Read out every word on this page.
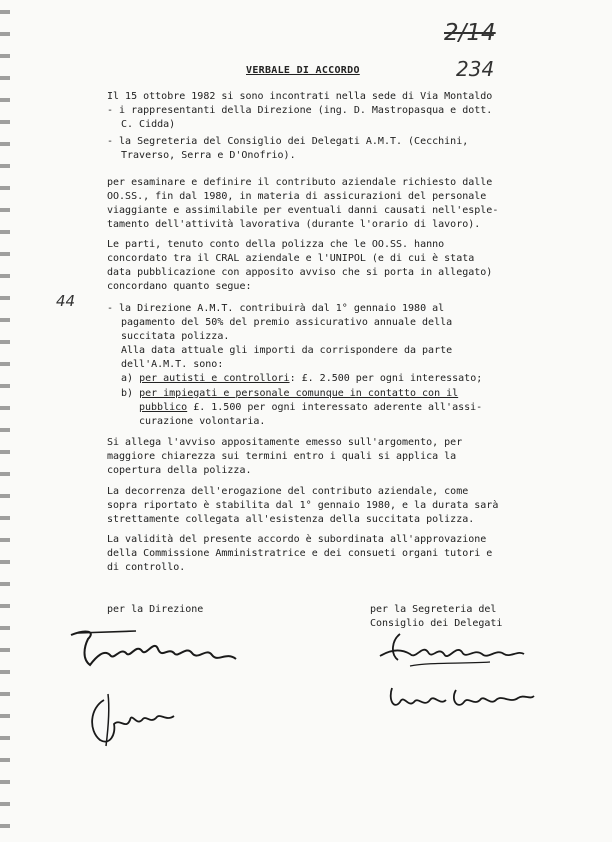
2/14
234
44
VERBALE DI ACCORDO
Il 15 ottobre 1982 si sono incontrati nella sede di Via Montaldo
- i rappresentanti della Direzione (ing. D. Mastropasqua e dott.
C. Cidda)
- la Segreteria del Consiglio dei Delegati A.M.T. (Cecchini,
Traverso, Serra e D'Onofrio).
per esaminare e definire il contributo aziendale richiesto dalle
OO.SS., fin dal 1980, in materia di assicurazioni del personale
viaggiante e assimilabile per eventuali danni causati nell'esple-
tamento dell'attività lavorativa (durante l'orario di lavoro).
Le parti, tenuto conto della polizza che le OO.SS. hanno
concordato tra il CRAL aziendale e l'UNIPOL (e di cui è stata
data pubblicazione con apposito avviso che si porta in allegato)
concordano quanto segue:
- la Direzione A.M.T. contribuirà dal 1° gennaio 1980 al
pagamento del 50% del premio assicurativo annuale della
succitata polizza.
Alla data attuale gli importi da corrispondere da parte
dell'A.M.T. sono:
a) per autisti e controllori: £. 2.500 per ogni interessato;
b) per impiegati e personale comunque in contatto con il
pubblico £. 1.500 per ogni interessato aderente all'assi-
curazione volontaria.
Si allega l'avviso appositamente emesso sull'argomento, per
maggiore chiarezza sui termini entro i quali si applica la
copertura della polizza.
La decorrenza dell'erogazione del contributo aziendale, come
sopra riportato è stabilita dal 1° gennaio 1980, e la durata sarà
strettamente collegata all'esistenza della succitata polizza.
La validità del presente accordo è subordinata all'approvazione
della Commissione Amministratrice e dei consueti organi tutori e
di controllo.
per la Direzione	per la Segreteria del
Consiglio dei Delegati
